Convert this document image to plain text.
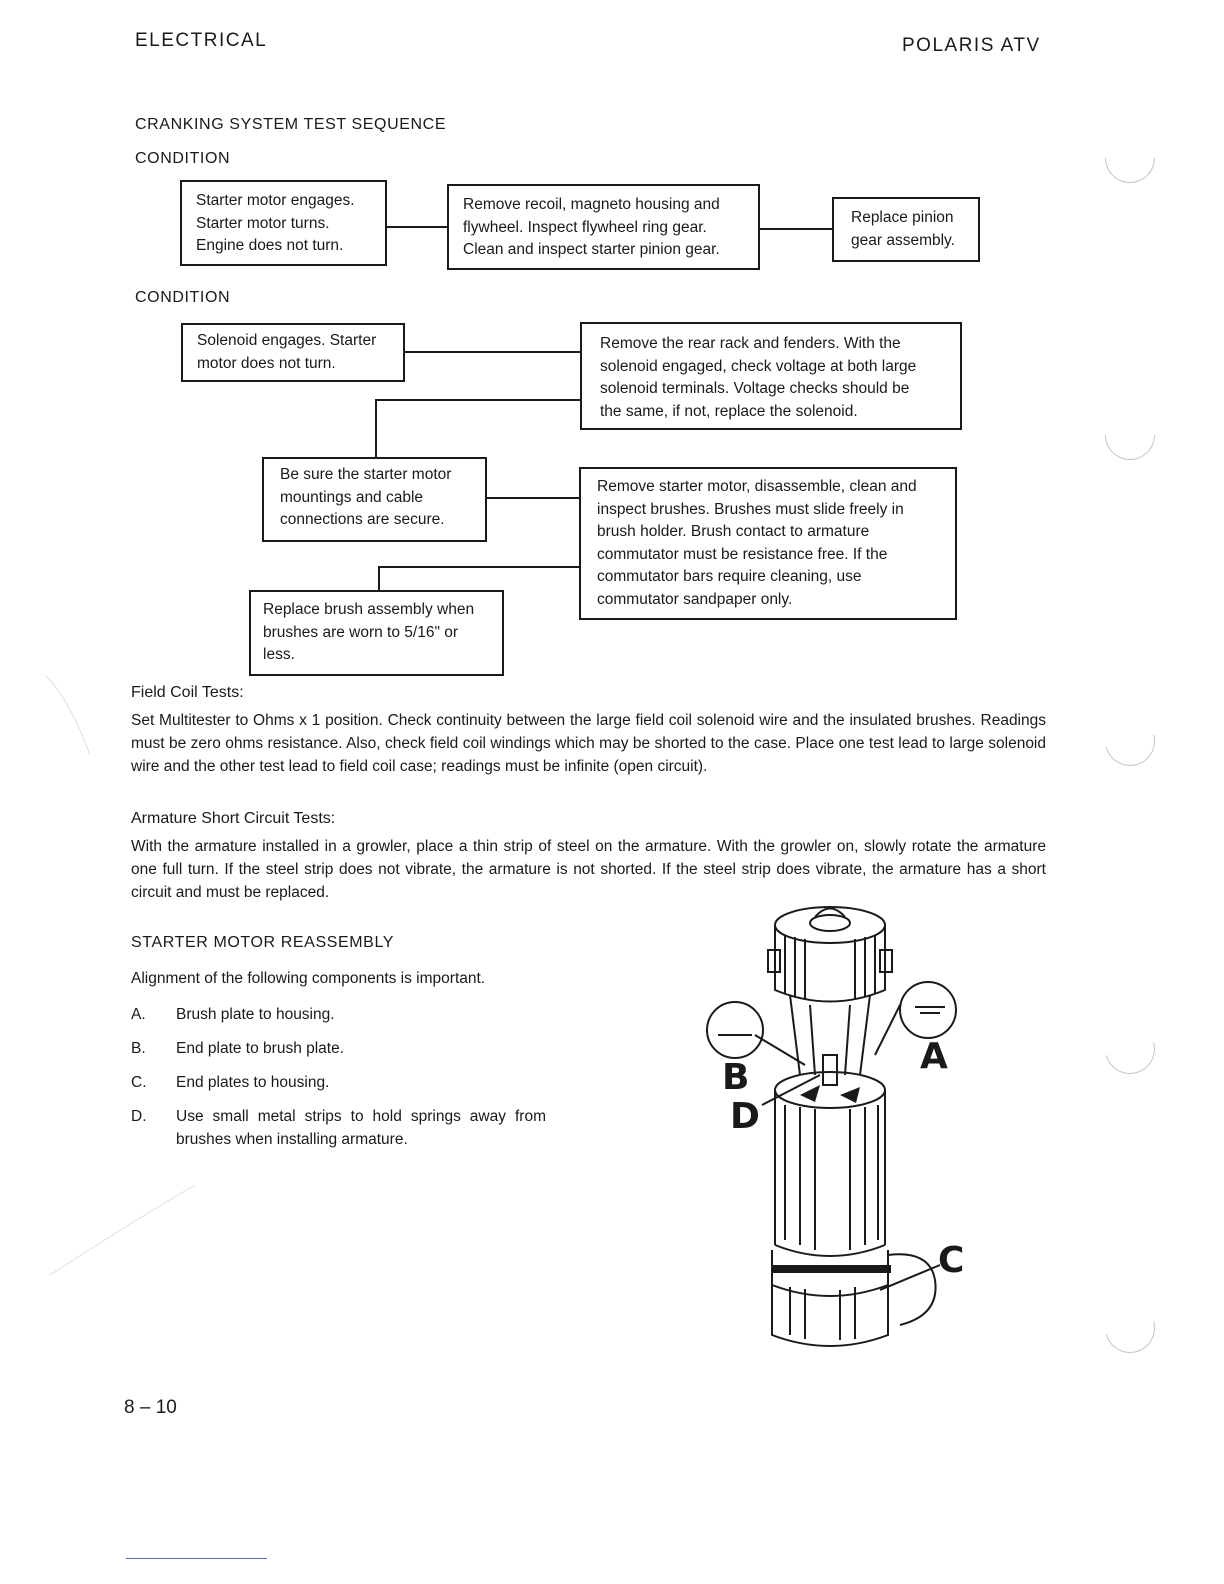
ELECTRICAL	POLARIS ATV
CRANKING SYSTEM TEST SEQUENCE
CONDITION
Starter motor engages.
Starter motor turns.
Engine does not turn.
Remove recoil, magneto housing and
flywheel. Inspect flywheel ring gear.
Clean and inspect starter pinion gear.
Replace pinion
gear assembly.
CONDITION
Solenoid engages. Starter
motor does not turn.
Remove the rear rack and fenders. With the
solenoid engaged, check voltage at both large
solenoid terminals. Voltage checks should be
the same, if not, replace the solenoid.
Be sure the starter motor
mountings and cable
connections are secure.
Remove starter motor, disassemble, clean and
inspect brushes. Brushes must slide freely in
brush holder. Brush contact to armature
commutator must be resistance free. If the
commutator bars require cleaning, use
commutator sandpaper only.
Replace brush assembly when
brushes are worn to 5/16" or
less.
Field Coil Tests:
Set Multitester to Ohms x 1 position. Check continuity between the large field coil solenoid wire and the insulated brushes. Readings must be zero ohms resistance. Also, check field coil windings which may be shorted to the case. Place one test lead to large solenoid wire and the other test lead to field coil case; readings must be infinite (open circuit).
Armature Short Circuit Tests:
With the armature installed in a growler, place a thin strip of steel on the armature. With the growler on, slowly rotate the armature one full turn. If the steel strip does not vibrate, the armature is not shorted. If the steel strip does vibrate, the armature has a short circuit and must be replaced.
STARTER MOTOR REASSEMBLY
Alignment of the following components is important.
A. Brush plate to housing.
B. End plate to brush plate.
C. End plates to housing.
D. Use small metal strips to hold springs away from brushes when installing armature.
A
B
C
D
8 – 10
